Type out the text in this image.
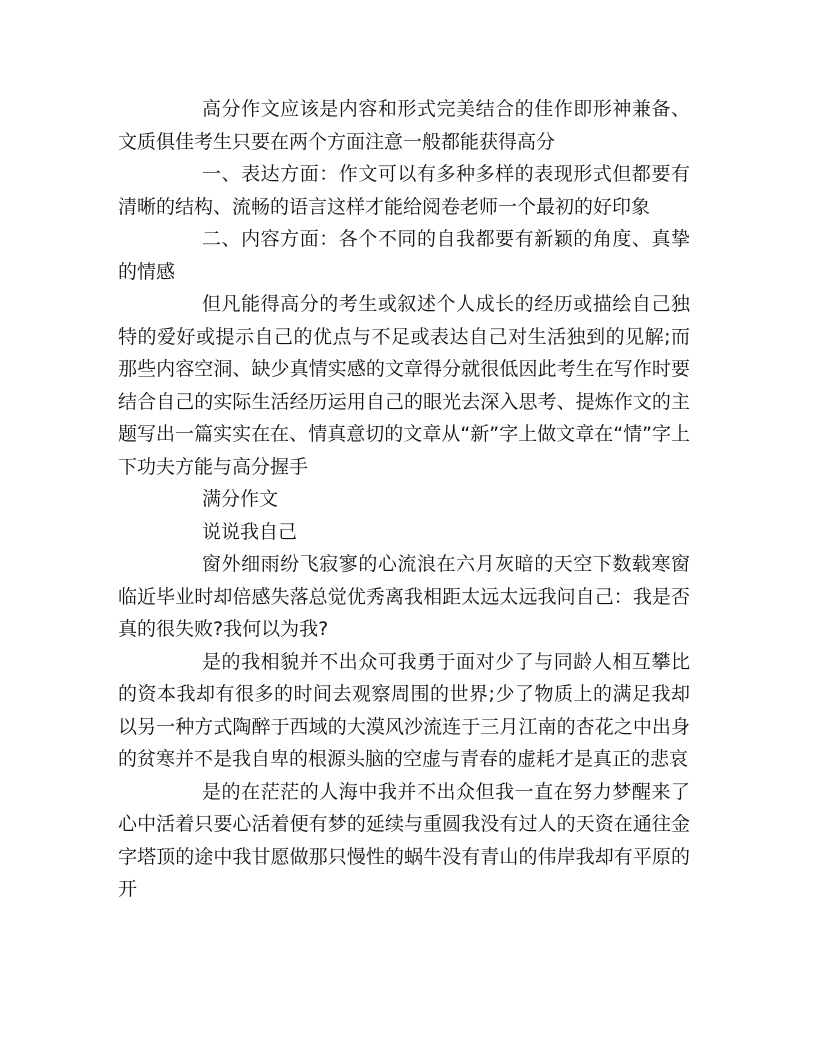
高分作文应该是内容和形式完美结合的佳作即形神兼备、文质俱佳考生只要在两个方面注意一般都能获得高分

一、表达方面：作文可以有多种多样的表现形式但都要有清晰的结构、流畅的语言这样才能给阅卷老师一个最初的好印象

二、内容方面：各个不同的自我都要有新颖的角度、真挚的情感

但凡能得高分的考生或叙述个人成长的经历或描绘自己独特的爱好或提示自己的优点与不足或表达自己对生活独到的见解;而那些内容空洞、缺少真情实感的文章得分就很低因此考生在写作时要结合自己的实际生活经历运用自己的眼光去深入思考、提炼作文的主题写出一篇实实在在、情真意切的文章从“新”字上做文章在“情”字上下功夫方能与高分握手

满分作文

说说我自己

窗外细雨纷飞寂寥的心流浪在六月灰暗的天空下数载寒窗临近毕业时却倍感失落总觉优秀离我相距太远太远我问自己：我是否真的很失败?我何以为我?

是的我相貌并不出众可我勇于面对少了与同龄人相互攀比的资本我却有很多的时间去观察周围的世界;少了物质上的满足我却以另一种方式陶醉于西域的大漠风沙流连于三月江南的杏花之中出身的贫寒并不是我自卑的根源头脑的空虚与青春的虚耗才是真正的悲哀

是的在茫茫的人海中我并不出众但我一直在努力梦醒来了心中活着只要心活着便有梦的延续与重圆我没有过人的天资在通往金字塔顶的途中我甘愿做那只慢性的蜗牛没有青山的伟岸我却有平原的开
